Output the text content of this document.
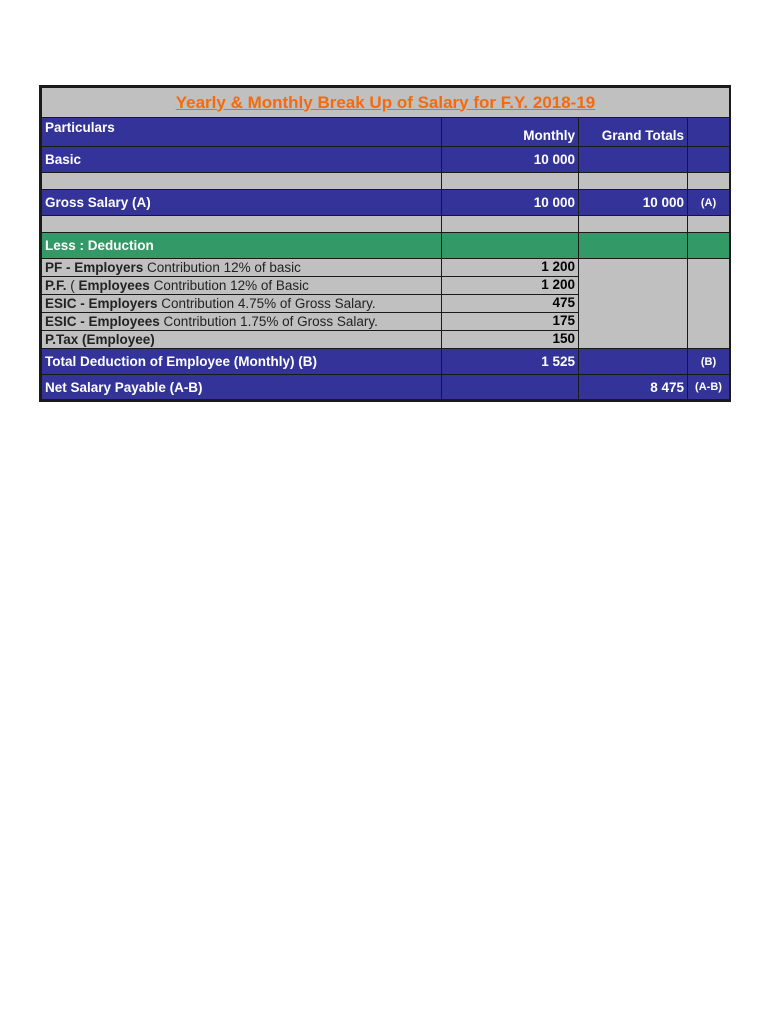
Yearly & Monthly Break Up of Salary for F.Y. 2018-19			
Particulars	Monthly	Grand Totals	
Basic	10 000		

Gross Salary (A)	10 000	10 000	(A)

Less : Deduction			
PF - Employers Contribution 12% of basic	1 200		
P.F. ( Employees Contribution 12% of Basic	1 200		
ESIC - Employers Contribution 4.75% of Gross Salary.	475		
ESIC - Employees Contribution 1.75% of Gross Salary.	175		
P.Tax (Employee)	150		
Total Deduction of Employee (Monthly) (B)	1 525		(B)
Net Salary Payable (A-B)		8 475	(A-B)
